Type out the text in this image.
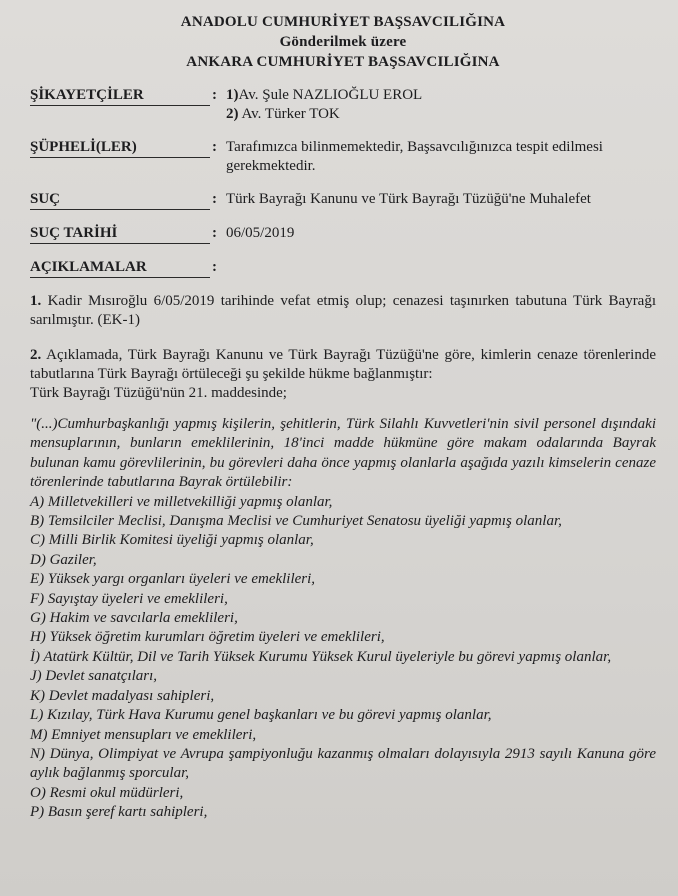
ANADOLU CUMHURİYET BAŞSAVCILIĞINA
Gönderilmek üzere
ANKARA CUMHURİYET BAŞSAVCILIĞINA
ŞİKAYETÇİLER	: 1)Av. Şule NAZLIOĞLU EROL
2) Av. Türker TOK
ŞÜPHELİ(LER)	: Tarafımızca bilinmemektedir, Başsavcılığınızca tespit edilmesi gerekmektedir.
SUÇ	: Türk Bayrağı Kanunu ve Türk Bayrağı Tüzüğü'ne Muhalefet
SUÇ TARİHİ	: 06/05/2019
AÇIKLAMALAR	:
1. Kadir Mısıroğlu 6/05/2019 tarihinde vefat etmiş olup; cenazesi taşınırken tabutuna Türk Bayrağı sarılmıştır. (EK-1)
2. Açıklamada, Türk Bayrağı Kanunu ve Türk Bayrağı Tüzüğü'ne göre, kimlerin cenaze törenlerinde tabutlarına Türk Bayrağı örtüleceği şu şekilde hükme bağlanmıştır:
Türk Bayrağı Tüzüğü'nün 21. maddesinde;
"(...)Cumhurbaşkanlığı yapmış kişilerin, şehitlerin, Türk Silahlı Kuvvetleri'nin sivil personel dışındaki mensuplarının, bunların emeklilerinin, 18'inci madde hükmüne göre makam odalarında Bayrak bulunan kamu görevlilerinin, bu görevleri daha önce yapmış olanlarla aşağıda yazılı kimselerin cenaze törenlerinde tabutlarına Bayrak örtülebilir:
A) Milletvekilleri ve milletvekilliği yapmış olanlar,
B) Temsilciler Meclisi, Danışma Meclisi ve Cumhuriyet Senatosu üyeliği yapmış olanlar,
C) Milli Birlik Komitesi üyeliği yapmış olanlar,
D) Gaziler,
E) Yüksek yargı organları üyeleri ve emeklileri,
F) Sayıştay üyeleri ve emeklileri,
G) Hakim ve savcılarla emeklileri,
H) Yüksek öğretim kurumları öğretim üyeleri ve emeklileri,
İ) Atatürk Kültür, Dil ve Tarih Yüksek Kurumu Yüksek Kurul üyeleriyle bu görevi yapmış olanlar,
J) Devlet sanatçıları,
K) Devlet madalyası sahipleri,
L) Kızılay, Türk Hava Kurumu genel başkanları ve bu görevi yapmış olanlar,
M) Emniyet mensupları ve emeklileri,
N) Dünya, Olimpiyat ve Avrupa şampiyonluğu kazanmış olmaları dolayısıyla 2913 sayılı Kanuna göre aylık bağlanmış sporcular,
O) Resmi okul müdürleri,
P) Basın şeref kartı sahipleri,
